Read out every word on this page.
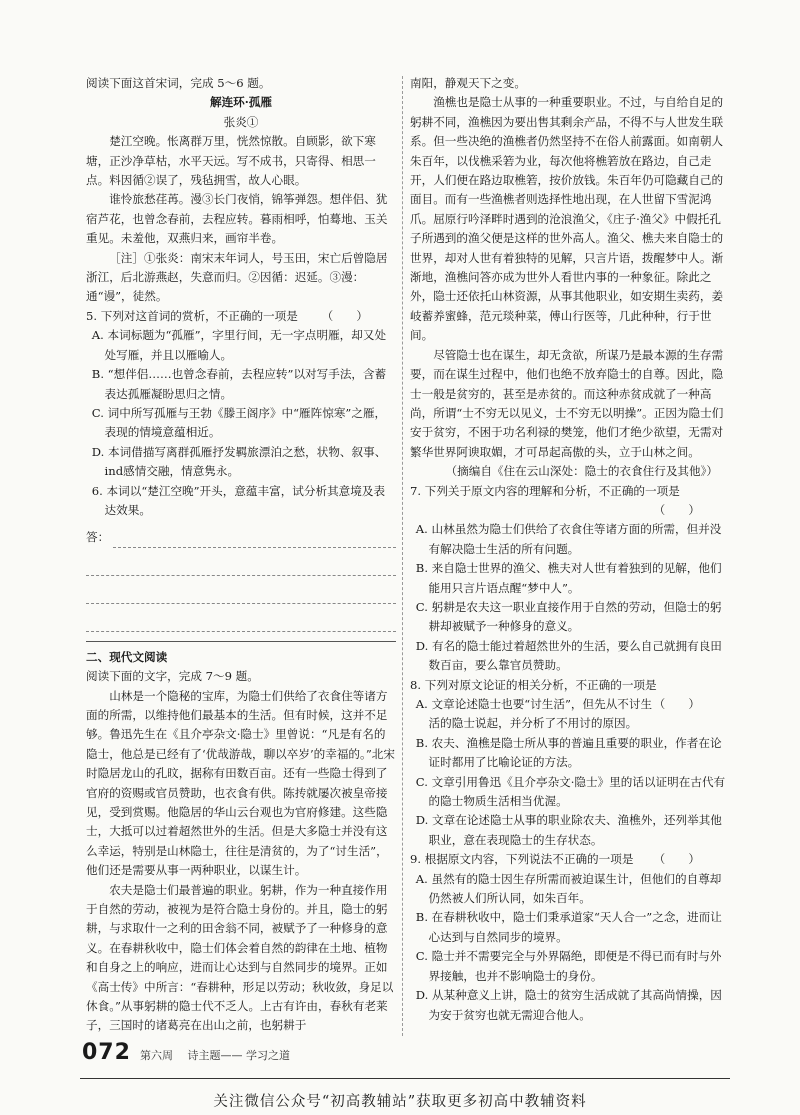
阅读下面这首宋词，完成 5～6 题。

解连环·孤雁

张炎①

楚江空晚。怅离群万里，恍然惊散。自顾影，欲下寒塘，正沙净草枯，水平天远。写不成书，只寄得、相思一点。料因循②误了，残毡拥雪，故人心眼。

谁怜旅愁荏苒。漫③长门夜悄，锦筝弹怨。想伴侣、犹宿芦花，也曾念春前，去程应转。暮雨相呼，怕蓦地、玉关重见。未羞他，双燕归来，画帘半卷。

［注］①张炎：南宋末年词人，号玉田，宋亡后曾隐居浙江，后北游燕赵，失意而归。②因循：迟延。③漫：通“谩”，徒然。

5. 下列对这首词的赏析，不正确的一项是 （　　）

A. 本词标题为“孤雁”，字里行间，无一字点明雁，却又处处写雁，并且以雁喻人。

B. “想伴侣……也曾念春前，去程应转”以对写手法，含蓄表达孤雁凝盼思归之情。

C. 词中所写孤雁与王勃《滕王阁序》中“雁阵惊寒”之雁，表现的情境意蕴相近。

D. 本词借描写离群孤雁抒发羁旅漂泊之愁，状物、叙事、ind感情交融，情意隽永。

6. 本词以“楚江空晚”开头，意蕴丰富，试分析其意境及表达效果。

答：

二、现代文阅读

阅读下面的文字，完成 7～9 题。

山林是一个隐秘的宝库，为隐士们供给了衣食住等诸方面的所需，以维持他们最基本的生活。但有时候，这并不足够。鲁迅先生在《且介亭杂文·隐士》里曾说：“凡是有名的隐士，他总是已经有了‘优哉游哉，聊以卒岁’的幸福的。”北宋时隐居龙山的孔旼，据称有田数百亩。还有一些隐士得到了官府的资赐或官员赞助，也衣食有供。陈抟就屡次被皇帝接见，受到赏赐。他隐居的华山云台观也为官府修建。这些隐士，大抵可以过着超然世外的生活。但是大多隐士并没有这么幸运，特别是山林隐士，往往是清贫的，为了“讨生活”，他们还是需要从事一两种职业，以谋生计。

农夫是隐士们最普遍的职业。躬耕，作为一种直接作用于自然的劳动，被视为是符合隐士身份的。并且，隐士的躬耕，与求取什一之利的田舍翁不同，被赋予了一种修身的意义。在春耕秋收中，隐士们体会着自然的韵律在土地、植物和自身之上的响应，进而让心达到与自然同步的境界。正如《高士传》中所言：“春耕种，形足以劳动；秋收敛，身足以休食。”从事躬耕的隐士代不乏人。上古有许由，春秋有老莱子，三国时的诸葛亮在出山之前，也躬耕于

南阳，静观天下之变。

渔樵也是隐士从事的一种重要职业。不过，与自给自足的躬耕不同，渔樵因为要出售其剩余产品，不得不与人世发生联系。但一些决绝的渔樵者仍然坚持不在俗人前露面。如南朝人朱百年，以伐樵采箬为业，每次他将樵箬放在路边，自己走开，人们便在路边取樵箬，按价放钱。朱百年仍可隐藏自己的面目。而有一些渔樵者则选择性地出现，在人世留下雪泥鸿爪。屈原行吟泽畔时遇到的沧浪渔父，《庄子·渔父》中假托孔子所遇到的渔父便是这样的世外高人。渔父、樵夫来自隐士的世界，却对人世有着独特的见解，只言片语，拨醒梦中人。渐渐地，渔樵问答亦成为世外人看世内事的一种象征。除此之外，隐士还依托山林资源，从事其他职业，如安期生卖药，姜岐蓄养蜜蜂，范元琰种菜，傅山行医等，几此种种，行于世间。

尽管隐士也在谋生，却无贪欲，所谋乃是最本源的生存需要，而在谋生过程中，他们也绝不放弃隐士的自尊。因此，隐士一般是贫穷的，甚至是赤贫的。而这种赤贫成就了一种高尚，所谓“士不穷无以见义，士不穷无以明操”。正因为隐士们安于贫穷，不困于功名利禄的樊笼，他们才绝少欲望，无需对繁华世界阿谀取媚，才可昂起高傲的头，立于山林之间。

（摘编自《住在云山深处：隐士的衣食住行及其他》）

7. 下列关于原文内容的理解和分析，不正确的一项是

（　　）

A. 山林虽然为隐士们供给了衣食住等诸方面的所需，但并没有解决隐士生活的所有问题。

B. 来自隐士世界的渔父、樵夫对人世有着独到的见解，他们能用只言片语点醒“梦中人”。

C. 躬耕是农夫这一职业直接作用于自然的劳动，但隐士的躬耕却被赋予一种修身的意义。

D. 有名的隐士能过着超然世外的生活，要么自己就拥有良田数百亩，要么靠官员赞助。

8. 下列对原文论证的相关分析，不正确的一项是
（　　）

A. 文章论述隐士也要“讨生活”，但先从不讨生活的隐士说起，并分析了不用讨的原因。

B. 农夫、渔樵是隐士所从事的普遍且重要的职业，作者在论证时都用了比喻论证的方法。

C. 文章引用鲁迅《且介亭杂文·隐士》里的话以证明在古代有的隐士物质生活相当优渥。

D. 文章在论述隐士从事的职业除农夫、渔樵外，还列举其他职业，意在表现隐士的生存状态。

9. 根据原文内容，下列说法不正确的一项是 （　　）

A. 虽然有的隐士因生存所需而被迫谋生计，但他们的自尊却仍然被人们所认同，如朱百年。

B. 在春耕秋收中，隐士们秉承道家“天人合一”之念，进而让心达到与自然同步的境界。

C. 隐士并不需要完全与外界隔绝，即便是不得已而有时与外界接触，也并不影响隐士的身份。

D. 从某种意义上讲，隐士的贫穷生活成就了其高尚情操，因为安于贫穷也就无需迎合他人。

072 第六周　 诗主题—— 学习之道
关注微信公众号“初高教辅站”获取更多初高中教辅资料
